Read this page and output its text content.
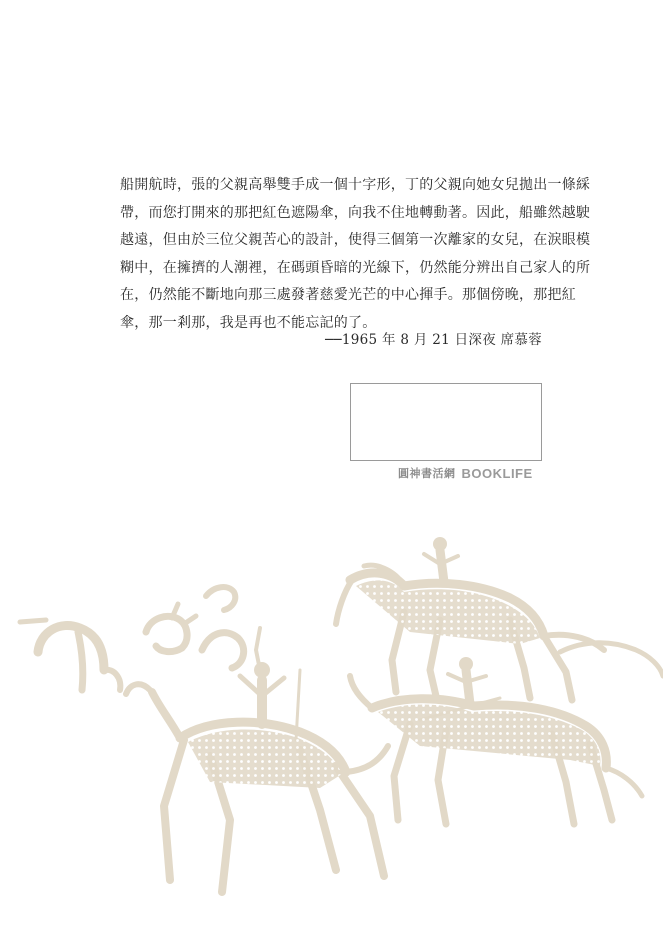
船開航時，張的父親高舉雙手成一個十字形，丁的父親向她女兒拋出一條綵
帶，而您打開來的那把紅色遮陽傘，向我不住地轉動著。因此，船雖然越駛
越遠，但由於三位父親苦心的設計，使得三個第一次離家的女兒，在淚眼模
糊中，在擁擠的人潮裡，在碼頭昏暗的光線下，仍然能分辨出自己家人的所
在，仍然能不斷地向那三處發著慈愛光芒的中心揮手。那個傍晚，那把紅
傘，那一剎那，我是再也不能忘記的了。
──1965 年 8 月 21 日深夜 席慕蓉
圓神書活網 BOOKLIFE
